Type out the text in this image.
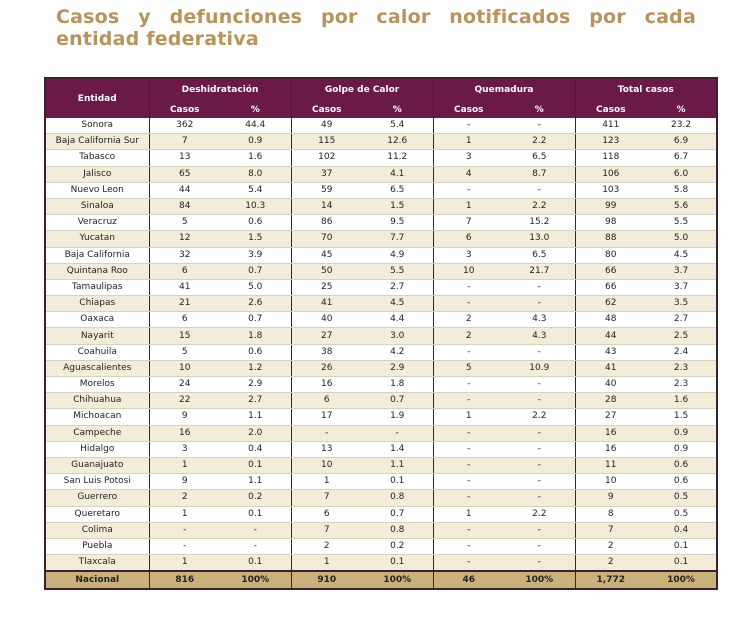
Casos y defunciones por calor notificados por cada entidad federativa
Entidad	Deshidratación		Golpe de Calor		Quemadura		Total casos	
	Casos	%	Casos	%	Casos	%	Casos	%
Sonora	362	44.4	49	5.4	-	-	411	23.2
Baja California Sur	7	0.9	115	12.6	1	2.2	123	6.9
Tabasco	13	1.6	102	11.2	3	6.5	118	6.7
Jalisco	65	8.0	37	4.1	4	8.7	106	6.0
Nuevo Leon	44	5.4	59	6.5	-	-	103	5.8
Sinaloa	84	10.3	14	1.5	1	2.2	99	5.6
Veracruz	5	0.6	86	9.5	7	15.2	98	5.5
Yucatan	12	1.5	70	7.7	6	13.0	88	5.0
Baja California	32	3.9	45	4.9	3	6.5	80	4.5
Quintana Roo	6	0.7	50	5.5	10	21.7	66	3.7
Tamaulipas	41	5.0	25	2.7	-	-	66	3.7
Chiapas	21	2.6	41	4.5	-	-	62	3.5
Oaxaca	6	0.7	40	4.4	2	4.3	48	2.7
Nayarit	15	1.8	27	3.0	2	4.3	44	2.5
Coahuila	5	0.6	38	4.2	-	-	43	2.4
Aguascalientes	10	1.2	26	2.9	5	10.9	41	2.3
Morelos	24	2.9	16	1.8	-	-	40	2.3
Chihuahua	22	2.7	6	0.7	-	-	28	1.6
Michoacan	9	1.1	17	1.9	1	2.2	27	1.5
Campeche	16	2.0	-	-	-	-	16	0.9
Hidalgo	3	0.4	13	1.4	-	-	16	0.9
Guanajuato	1	0.1	10	1.1	-	-	11	0.6
San Luis Potosi	9	1.1	1	0.1	-	-	10	0.6
Guerrero	2	0.2	7	0.8	-	-	9	0.5
Queretaro	1	0.1	6	0.7	1	2.2	8	0.5
Colima	-	-	7	0.8	-	-	7	0.4
Puebla	-	-	2	0.2	-	-	2	0.1
Tlaxcala	1	0.1	1	0.1	-	-	2	0.1
Nacional	816	100%	910	100%	46	100%	1,772	100%
